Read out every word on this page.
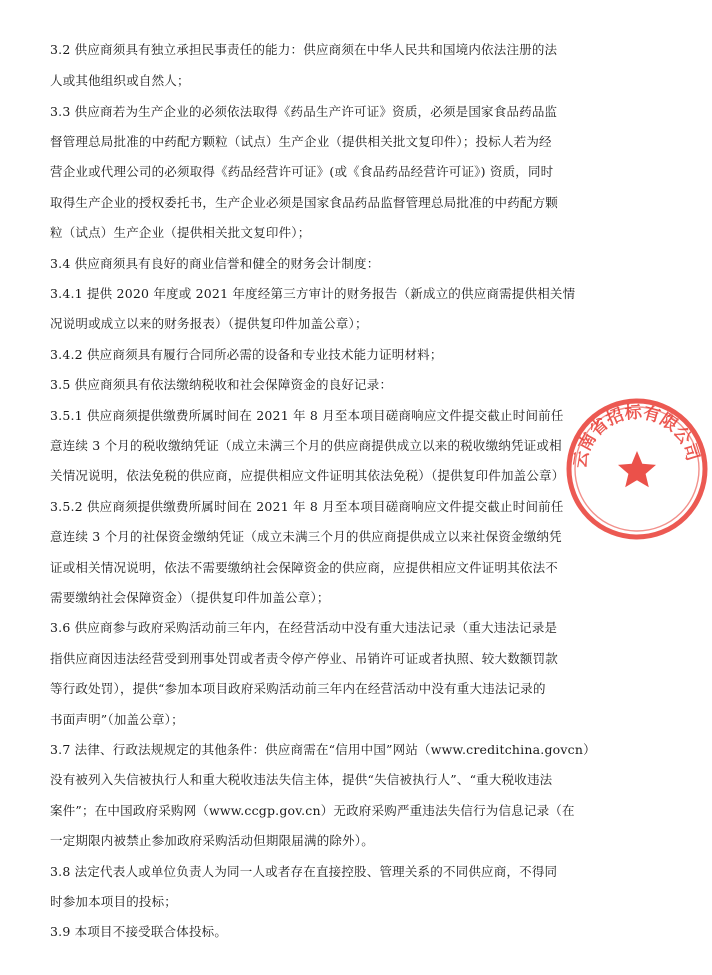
3.2 供应商须具有独立承担民事责任的能力：供应商须在中华人民共和国境内依法注册的法
人或其他组织或自然人；
3.3 供应商若为生产企业的必须依法取得《药品生产许可证》资质，必须是国家食品药品监
督管理总局批准的中药配方颗粒（试点）生产企业（提供相关批文复印件）；投标人若为经
营企业或代理公司的必须取得《药品经营许可证》(或《食品药品经营许可证》) 资质，同时
取得生产企业的授权委托书，生产企业必须是国家食品药品监督管理总局批准的中药配方颗
粒（试点）生产企业（提供相关批文复印件）；
3.4 供应商须具有良好的商业信誉和健全的财务会计制度：
3.4.1 提供 2020 年度或 2021 年度经第三方审计的财务报告（新成立的供应商需提供相关情
况说明或成立以来的财务报表）（提供复印件加盖公章）；
3.4.2 供应商须具有履行合同所必需的设备和专业技术能力证明材料；
3.5 供应商须具有依法缴纳税收和社会保障资金的良好记录：
3.5.1 供应商须提供缴费所属时间在 2021 年 8 月至本项目磋商响应文件提交截止时间前任
意连续 3 个月的税收缴纳凭证（成立未满三个月的供应商提供成立以来的税收缴纳凭证或相
关情况说明，依法免税的供应商，应提供相应文件证明其依法免税）（提供复印件加盖公章）
3.5.2 供应商须提供缴费所属时间在 2021 年 8 月至本项目磋商响应文件提交截止时间前任
意连续 3 个月的社保资金缴纳凭证（成立未满三个月的供应商提供成立以来社保资金缴纳凭
证或相关情况说明，依法不需要缴纳社会保障资金的供应商，应提供相应文件证明其依法不
需要缴纳社会保障资金）（提供复印件加盖公章）；
3.6 供应商参与政府采购活动前三年内，在经营活动中没有重大违法记录（重大违法记录是
指供应商因违法经营受到刑事处罚或者责令停产停业、吊销许可证或者执照、较大数额罚款
等行政处罚），提供“参加本项目政府采购活动前三年内在经营活动中没有重大违法记录的
书面声明”（加盖公章）；
3.7 法律、行政法规规定的其他条件：供应商需在“信用中国”网站（www.creditchina.govcn）
没有被列入失信被执行人和重大税收违法失信主体，提供“失信被执行人”、“重大税收违法
案件”；在中国政府采购网（www.ccgp.gov.cn）无政府采购严重违法失信行为信息记录（在
一定期限内被禁止参加政府采购活动但期限届满的除外）。
3.8 法定代表人或单位负责人为同一人或者存在直接控股、管理关系的不同供应商，不得同
时参加本项目的投标；
3.9 本项目不接受联合体投标。
云南省招标有限公司
